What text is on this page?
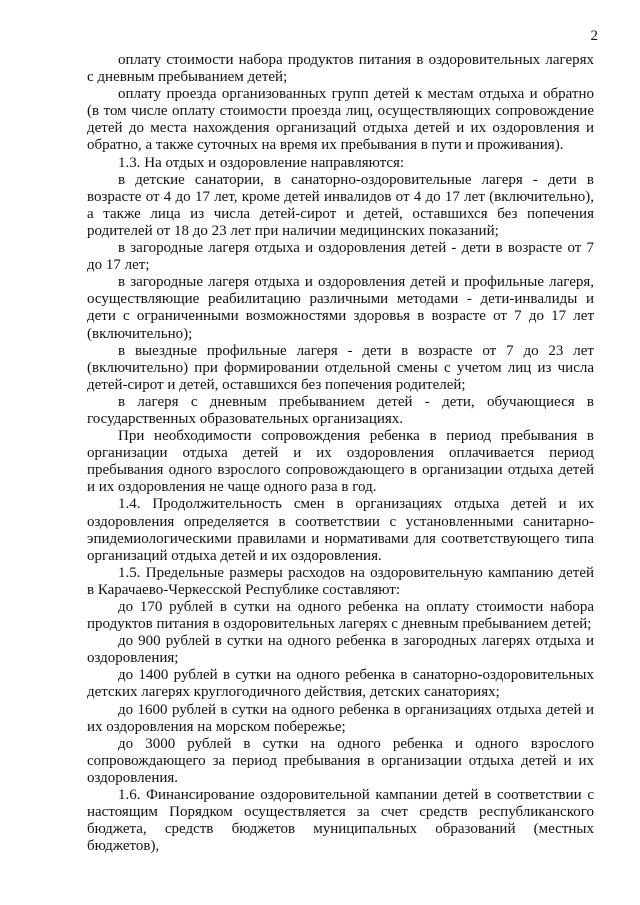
2

оплату стоимости набора продуктов питания в оздоровительных лагерях с дневным пребыванием детей;

оплату проезда организованных групп детей к местам отдыха и обратно (в том числе оплату стоимости проезда лиц, осуществляющих сопровождение детей до места нахождения организаций отдыха детей и их оздоровления и обратно, а также суточных на время их пребывания в пути и проживания).

1.3. На отдых и оздоровление направляются:

в детские санатории, в санаторно-оздоровительные лагеря - дети в возрасте от 4 до 17 лет, кроме детей инвалидов от 4 до 17 лет (включительно), а также лица из числа детей-сирот и детей, оставшихся без попечения родителей от 18 до 23 лет при наличии медицинских показаний;

в загородные лагеря отдыха и оздоровления детей - дети в возрасте от 7 до 17 лет;

в загородные лагеря отдыха и оздоровления детей и профильные лагеря, осуществляющие реабилитацию различными методами - дети-инвалиды и дети с ограниченными возможностями здоровья в возрасте от 7 до 17 лет (включительно);

в выездные профильные лагеря - дети в возрасте от 7 до 23 лет (включительно) при формировании отдельной смены с учетом лиц из числа детей-сирот и детей, оставшихся без попечения родителей;

в лагеря с дневным пребыванием детей - дети, обучающиеся в государственных образовательных организациях.

При необходимости сопровождения ребенка в период пребывания в организации отдыха детей и их оздоровления оплачивается период пребывания одного взрослого сопровождающего в организации отдыха детей и их оздоровления не чаще одного раза в год.

1.4. Продолжительность смен в организациях отдыха детей и их оздоровления определяется в соответствии с установленными санитарно-эпидемиологическими правилами и нормативами для соответствующего типа организаций отдыха детей и их оздоровления.

1.5. Предельные размеры расходов на оздоровительную кампанию детей в Карачаево-Черкесской Республике составляют:

до 170 рублей в сутки на одного ребенка на оплату стоимости набора продуктов питания в оздоровительных лагерях с дневным пребыванием детей;

до 900 рублей в сутки на одного ребенка в загородных лагерях отдыха и оздоровления;

до 1400 рублей в сутки на одного ребенка в санаторно-оздоровительных детских лагерях круглогодичного действия, детских санаториях;

до 1600 рублей в сутки на одного ребенка в организациях отдыха детей и их оздоровления на морском побережье;

до 3000 рублей в сутки на одного ребенка и одного взрослого сопровождающего за период пребывания в организации отдыха детей и их оздоровления.

1.6. Финансирование оздоровительной кампании детей в соответствии с настоящим Порядком осуществляется за счет средств республиканского бюджета, средств бюджетов муниципальных образований (местных бюджетов),
